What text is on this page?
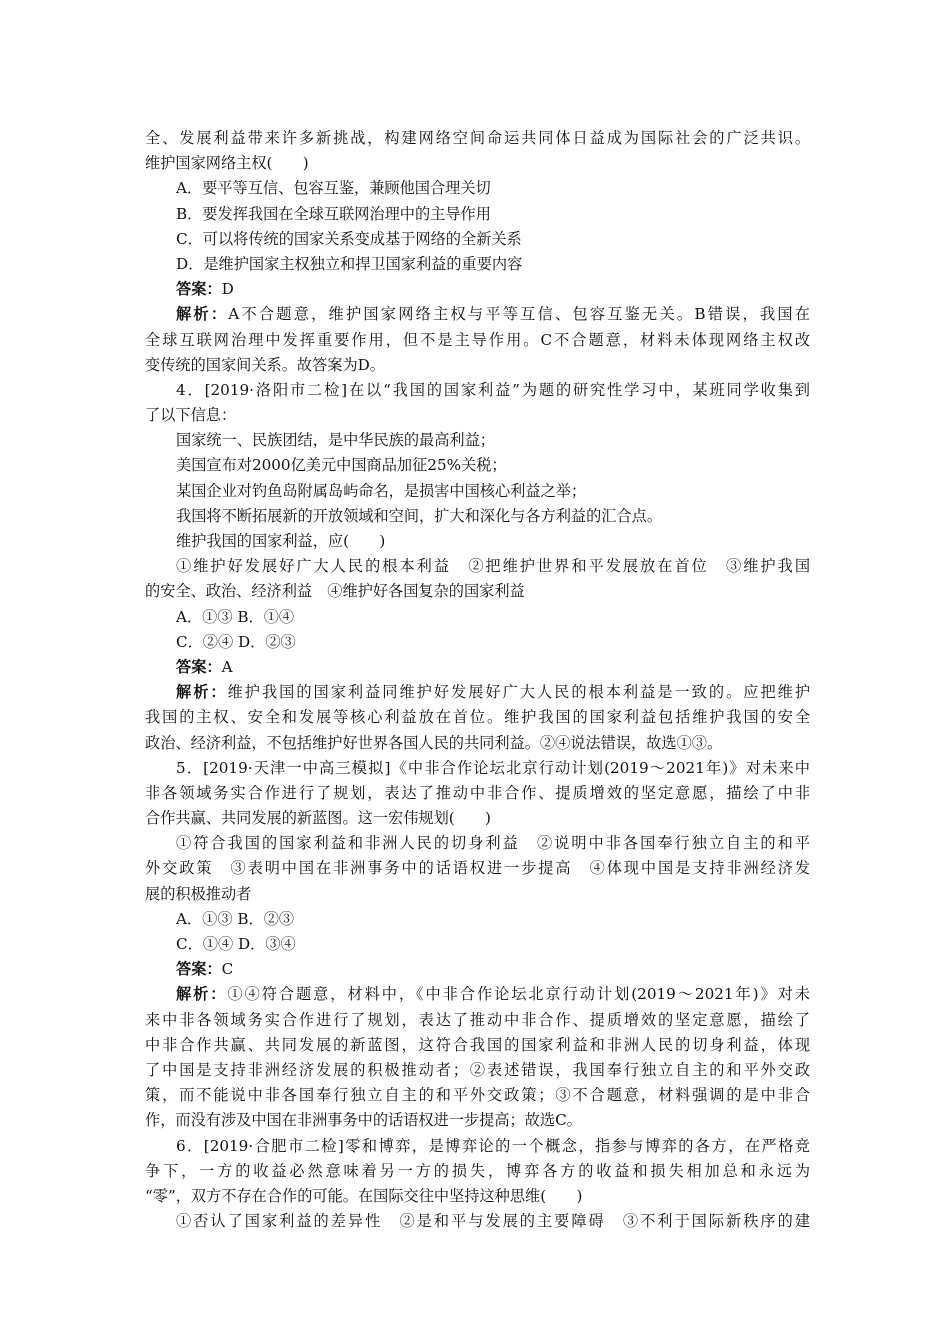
全、发展利益带来许多新挑战，构建网络空间命运共同体日益成为国际社会的广泛共识。
维护国家网络主权(　　)
A．要平等互信、包容互鉴，兼顾他国合理关切
B．要发挥我国在全球互联网治理中的主导作用
C．可以将传统的国家关系变成基于网络的全新关系
D．是维护国家主权独立和捍卫国家利益的重要内容
答案：D
解析：A不合题意，维护国家网络主权与平等互信、包容互鉴无关。B错误，我国在
全球互联网治理中发挥重要作用，但不是主导作用。C不合题意，材料未体现网络主权改
变传统的国家间关系。故答案为D。
4．[2019·洛阳市二检]在以“我国的国家利益”为题的研究性学习中，某班同学收集到
了以下信息：
国家统一、民族团结，是中华民族的最高利益；
美国宣布对2000亿美元中国商品加征25%关税；
某国企业对钓鱼岛附属岛屿命名，是损害中国核心利益之举；
我国将不断拓展新的开放领域和空间，扩大和深化与各方利益的汇合点。
维护我国的国家利益，应(　　)
①维护好发展好广大人民的根本利益　②把维护世界和平发展放在首位　③维护我国
的安全、政治、经济利益　④维护好各国复杂的国家利益
A．①③ B．①④
C．②④ D．②③
答案：A
解析：维护我国的国家利益同维护好发展好广大人民的根本利益是一致的。应把维护
我国的主权、安全和发展等核心利益放在首位。维护我国的国家利益包括维护我国的安全
政治、经济利益，不包括维护好世界各国人民的共同利益。②④说法错误，故选①③。
5．[2019·天津一中高三模拟]《中非合作论坛北京行动计划(2019～2021年)》对未来中
非各领域务实合作进行了规划，表达了推动中非合作、提质增效的坚定意愿，描绘了中非
合作共赢、共同发展的新蓝图。这一宏伟规划(　　)
①符合我国的国家利益和非洲人民的切身利益　②说明中非各国奉行独立自主的和平
外交政策　③表明中国在非洲事务中的话语权进一步提高　④体现中国是支持非洲经济发
展的积极推动者
A．①③ B．②③
C．①④ D．③④
答案：C
解析：①④符合题意，材料中，《中非合作论坛北京行动计划(2019～2021年)》对未
来中非各领域务实合作进行了规划，表达了推动中非合作、提质增效的坚定意愿，描绘了
中非合作共赢、共同发展的新蓝图，这符合我国的国家利益和非洲人民的切身利益，体现
了中国是支持非洲经济发展的积极推动者；②表述错误，我国奉行独立自主的和平外交政
策，而不能说中非各国奉行独立自主的和平外交政策；③不合题意，材料强调的是中非合
作，而没有涉及中国在非洲事务中的话语权进一步提高；故选C。
6．[2019·合肥市二检]零和博弈，是博弈论的一个概念，指参与博弈的各方，在严格竞
争下，一方的收益必然意味着另一方的损失，博弈各方的收益和损失相加总和永远为
“零”，双方不存在合作的可能。在国际交往中坚持这种思维(　　)
①否认了国家利益的差异性　②是和平与发展的主要障碍　③不利于国际新秩序的建
